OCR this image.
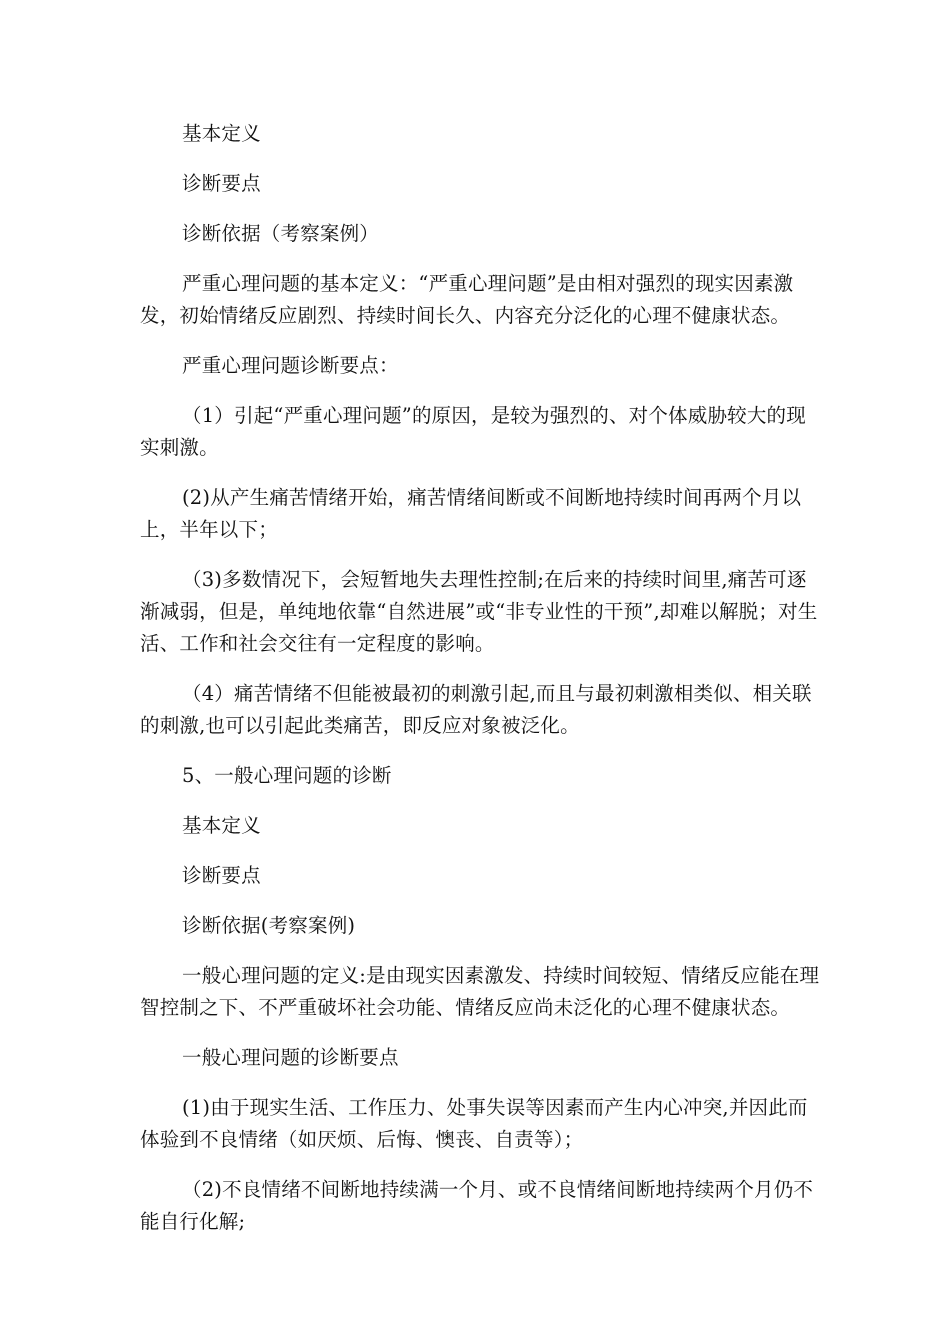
基本定义

诊断要点

诊断依据（考察案例）

严重心理问题的基本定义：“严重心理问题”是由相对强烈的现实因素激发，初始情绪反应剧烈、持续时间长久、内容充分泛化的心理不健康状态。

严重心理问题诊断要点：

（1）引起“严重心理问题”的原因，是较为强烈的、对个体威胁较大的现实刺激。

(2)从产生痛苦情绪开始，痛苦情绪间断或不间断地持续时间再两个月以上，半年以下；

（3)多数情况下，会短暂地失去理性控制;在后来的持续时间里,痛苦可逐渐减弱，但是，单纯地依靠“自然进展”或“非专业性的干预”,却难以解脱；对生活、工作和社会交往有一定程度的影响。

（4）痛苦情绪不但能被最初的刺激引起,而且与最初刺激相类似、相关联的刺激,也可以引起此类痛苦，即反应对象被泛化。

5、一般心理问题的诊断

基本定义

诊断要点

诊断依据(考察案例)

一般心理问题的定义:是由现实因素激发、持续时间较短、情绪反应能在理智控制之下、不严重破坏社会功能、情绪反应尚未泛化的心理不健康状态。

一般心理问题的诊断要点

(1)由于现实生活、工作压力、处事失误等因素而产生内心冲突,并因此而体验到不良情绪（如厌烦、后悔、懊丧、自责等）；

（2)不良情绪不间断地持续满一个月、或不良情绪间断地持续两个月仍不能自行化解;
